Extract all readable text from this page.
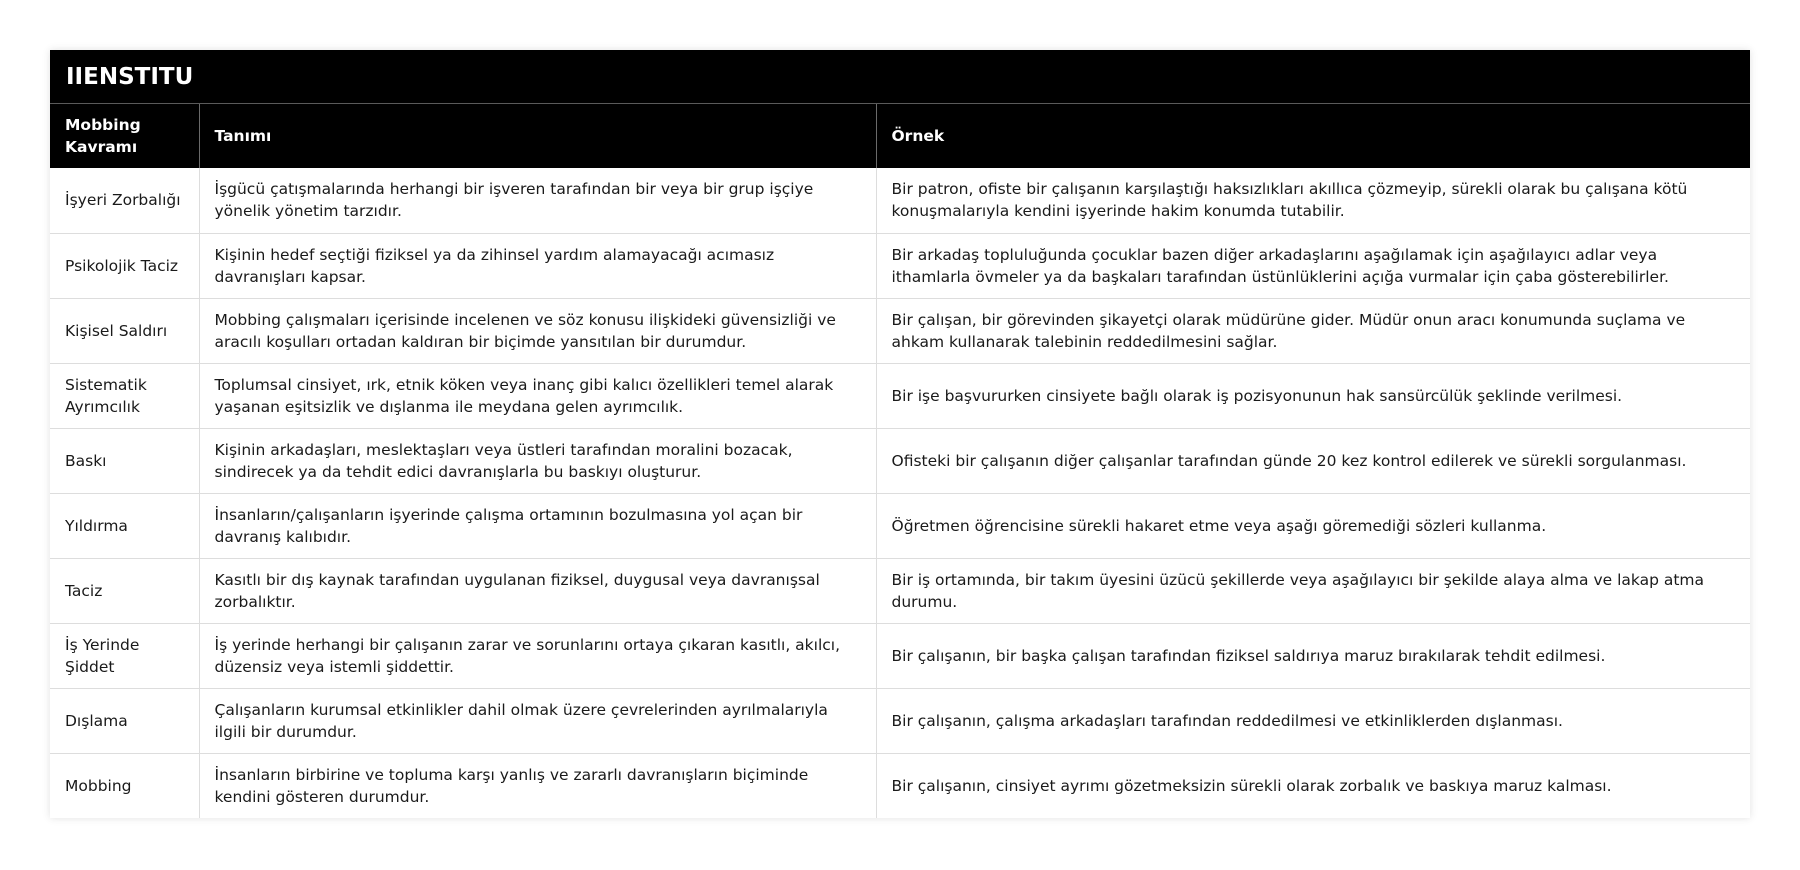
IIENSTITU
Mobbing Kavramı	Tanımı	Örnek
İşyeri Zorbalığı	İşgücü çatışmalarında herhangi bir işveren tarafından bir veya bir grup işçiye yönelik yönetim tarzıdır.	Bir patron, ofiste bir çalışanın karşılaştığı haksızlıkları akıllıca çözmeyip, sürekli olarak bu çalışana kötü konuşmalarıyla kendini işyerinde hakim konumda tutabilir.
Psikolojik Taciz	Kişinin hedef seçtiği fiziksel ya da zihinsel yardım alamayacağı acımasız davranışları kapsar.	Bir arkadaş topluluğunda çocuklar bazen diğer arkadaşlarını aşağılamak için aşağılayıcı adlar veya ithamlarla övmeler ya da başkaları tarafından üstünlüklerini açığa vurmalar için çaba gösterebilirler.
Kişisel Saldırı	Mobbing çalışmaları içerisinde incelenen ve söz konusu ilişkideki güvensizliği ve aracılı koşulları ortadan kaldıran bir biçimde yansıtılan bir durumdur.	Bir çalışan, bir görevinden şikayetçi olarak müdürüne gider. Müdür onun aracı konumunda suçlama ve ahkam kullanarak talebinin reddedilmesini sağlar.
Sistematik Ayrımcılık	Toplumsal cinsiyet, ırk, etnik köken veya inanç gibi kalıcı özellikleri temel alarak yaşanan eşitsizlik ve dışlanma ile meydana gelen ayrımcılık.	Bir işe başvururken cinsiyete bağlı olarak iş pozisyonunun hak sansürcülük şeklinde verilmesi.
Baskı	Kişinin arkadaşları, meslektaşları veya üstleri tarafından moralini bozacak, sindirecek ya da tehdit edici davranışlarla bu baskıyı oluşturur.	Ofisteki bir çalışanın diğer çalışanlar tarafından günde 20 kez kontrol edilerek ve sürekli sorgulanması.
Yıldırma	İnsanların/çalışanların işyerinde çalışma ortamının bozulmasına yol açan bir davranış kalıbıdır.	Öğretmen öğrencisine sürekli hakaret etme veya aşağı göremediği sözleri kullanma.
Taciz	Kasıtlı bir dış kaynak tarafından uygulanan fiziksel, duygusal veya davranışsal zorbalıktır.	Bir iş ortamında, bir takım üyesini üzücü şekillerde veya aşağılayıcı bir şekilde alaya alma ve lakap atma durumu.
İş Yerinde Şiddet	İş yerinde herhangi bir çalışanın zarar ve sorunlarını ortaya çıkaran kasıtlı, akılcı, düzensiz veya istemli şiddettir.	Bir çalışanın, bir başka çalışan tarafından fiziksel saldırıya maruz bırakılarak tehdit edilmesi.
Dışlama	Çalışanların kurumsal etkinlikler dahil olmak üzere çevrelerinden ayrılmalarıyla ilgili bir durumdur.	Bir çalışanın, çalışma arkadaşları tarafından reddedilmesi ve etkinliklerden dışlanması.
Mobbing	İnsanların birbirine ve topluma karşı yanlış ve zararlı davranışların biçiminde kendini gösteren durumdur.	Bir çalışanın, cinsiyet ayrımı gözetmeksizin sürekli olarak zorbalık ve baskıya maruz kalması.
